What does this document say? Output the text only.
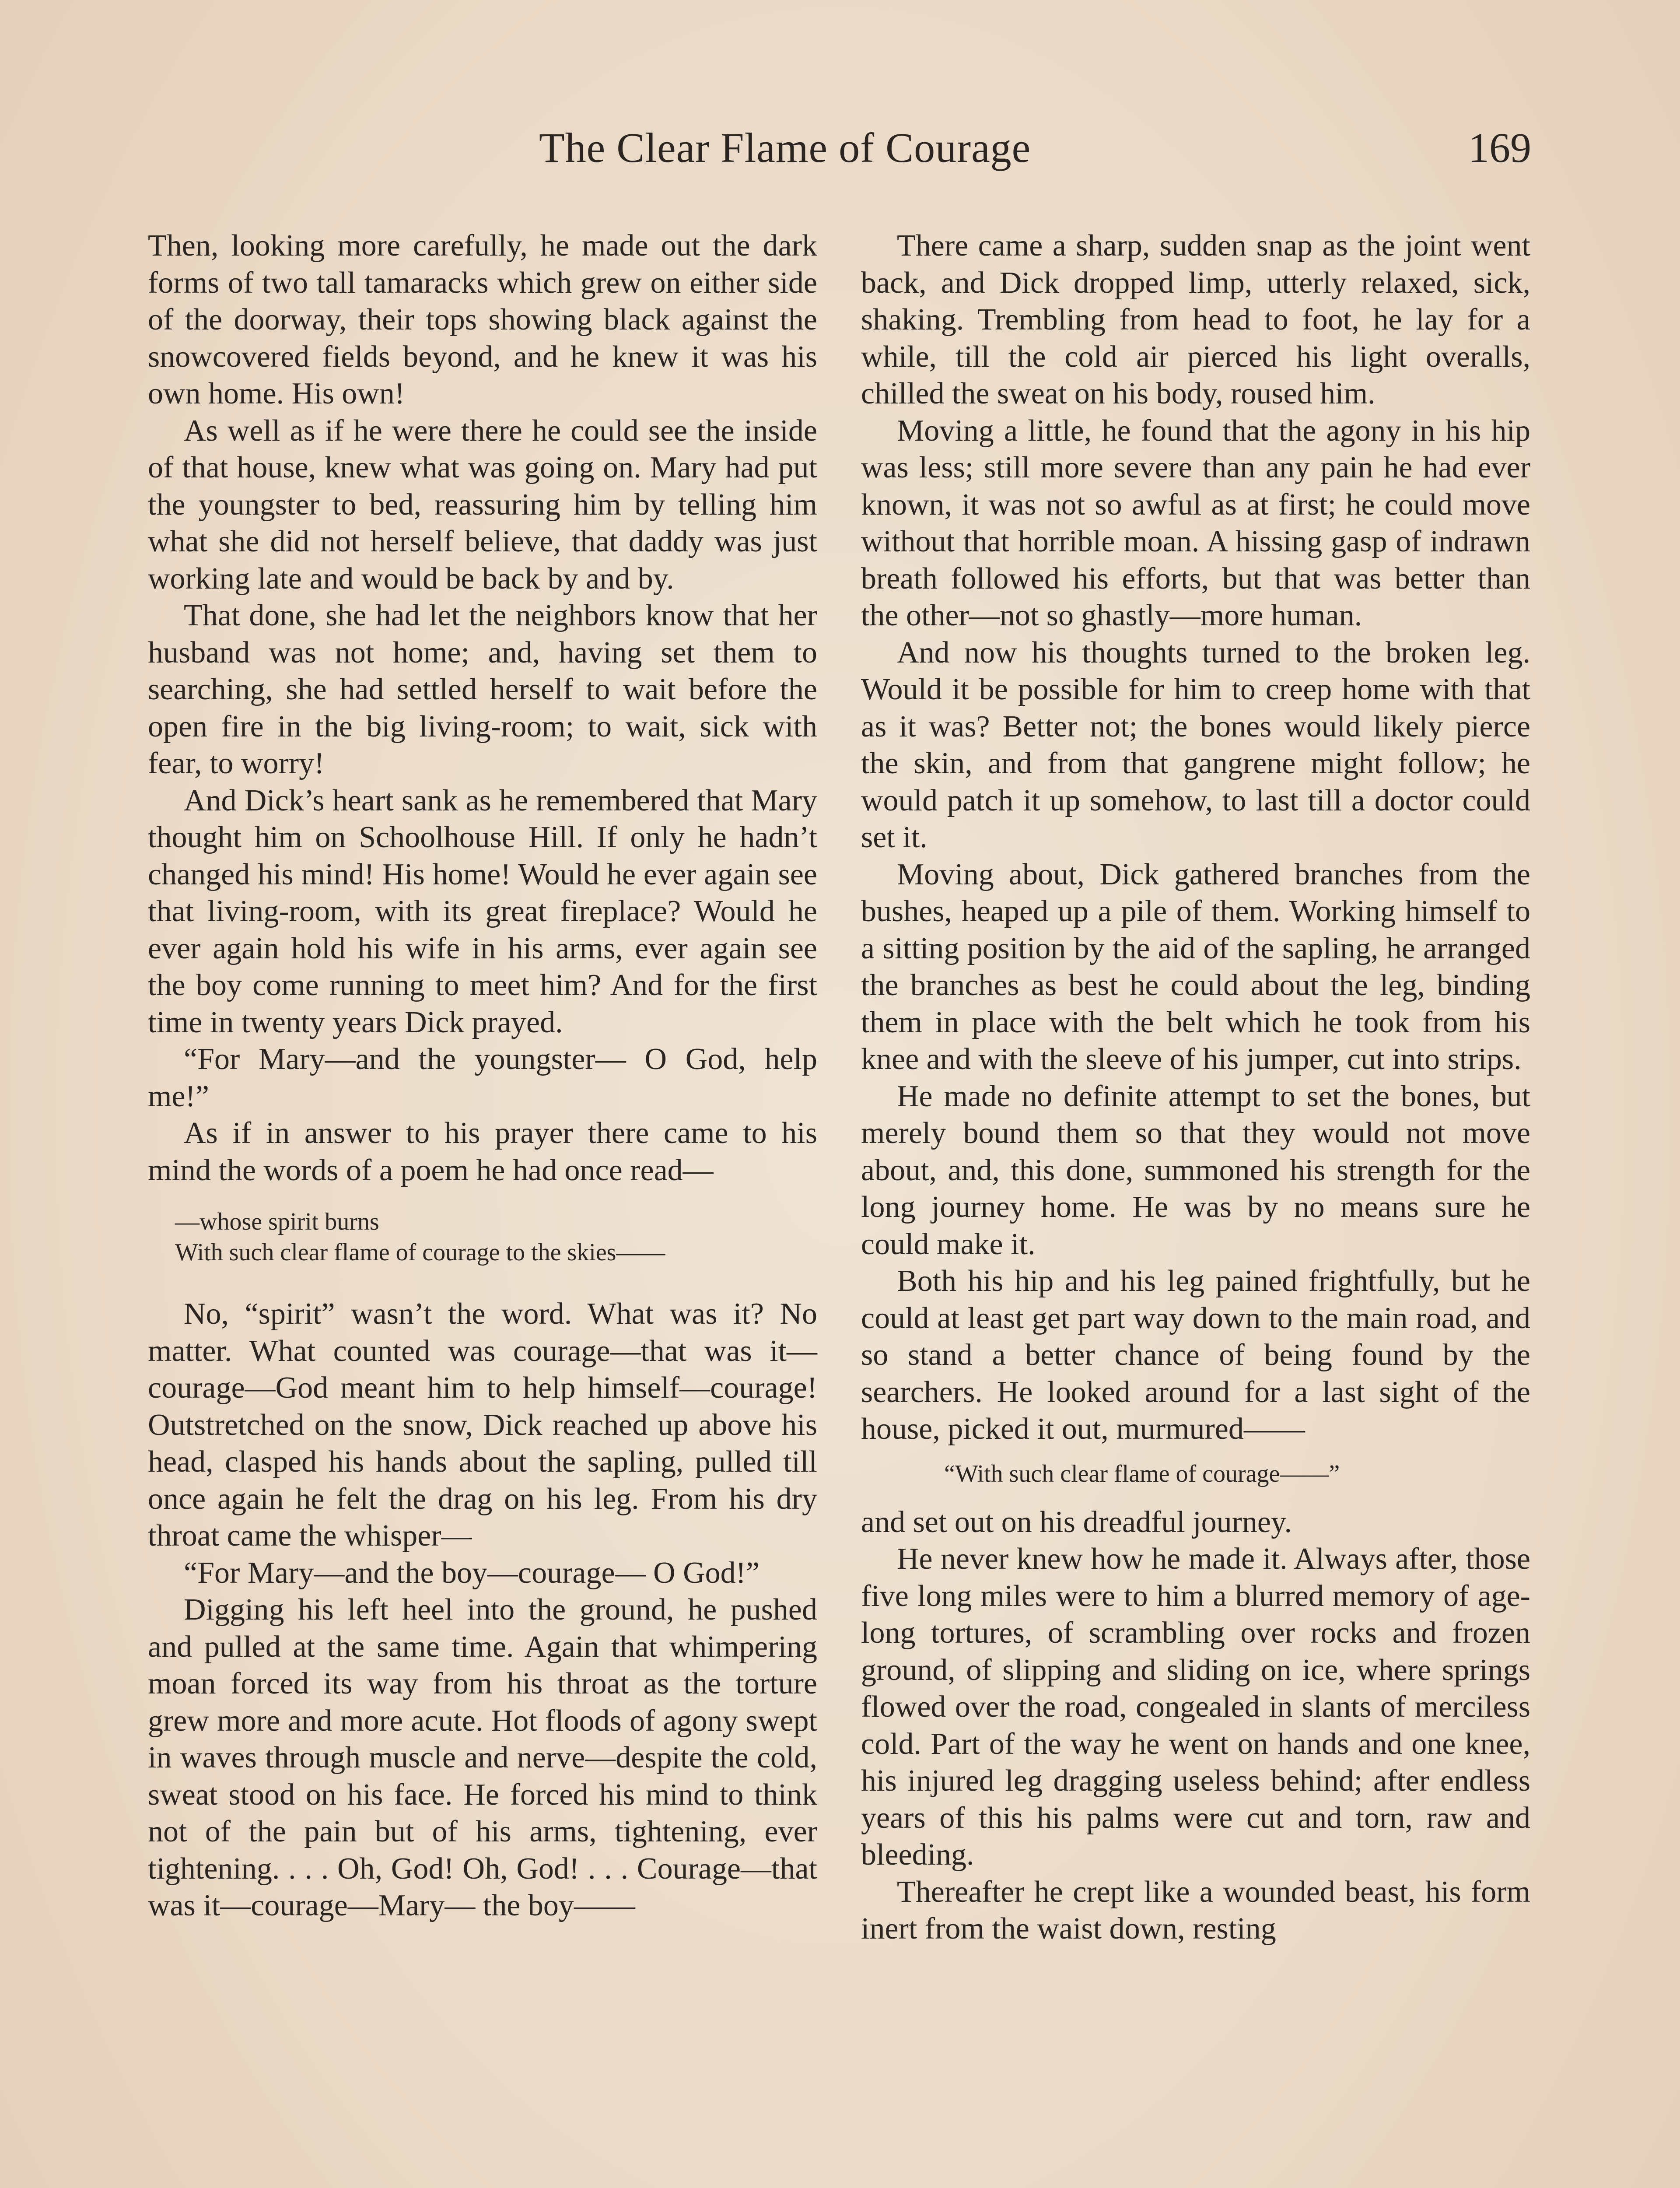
The Clear Flame of Courage	169

Then, looking more carefully, he made out the dark forms of two tall tamaracks which grew on either side of the doorway, their tops showing black against the snowcovered fields beyond, and he knew it was his own home. His own!

As well as if he were there he could see the inside of that house, knew what was going on. Mary had put the youngster to bed, reassuring him by telling him what she did not herself believe, that daddy was just working late and would be back by and by.

That done, she had let the neighbors know that her husband was not home; and, having set them to searching, she had settled herself to wait before the open fire in the big living-room; to wait, sick with fear, to worry!

And Dick’s heart sank as he remembered that Mary thought him on Schoolhouse Hill. If only he hadn’t changed his mind! His home! Would he ever again see that living-room, with its great fireplace? Would he ever again hold his wife in his arms, ever again see the boy come running to meet him? And for the first time in twenty years Dick prayed.

“For Mary—and the youngster— O God, help me!”

As if in answer to his prayer there came to his mind the words of a poem he had once read—

—whose spirit burns
With such clear flame of courage to the skies——

No, “spirit” wasn’t the word. What was it? No matter. What counted was courage—that was it—courage—God meant him to help himself—courage! Outstretched on the snow, Dick reached up above his head, clasped his hands about the sapling, pulled till once again he felt the drag on his leg. From his dry throat came the whisper—

“For Mary—and the boy—courage— O God!”

Digging his left heel into the ground, he pushed and pulled at the same time. Again that whimpering moan forced its way from his throat as the torture grew more and more acute. Hot floods of agony swept in waves through muscle and nerve—despite the cold, sweat stood on his face. He forced his mind to think not of the pain but of his arms, tightening, ever tightening. . . . Oh, God! Oh, God! . . . Courage—that was it—courage—Mary— the boy——

There came a sharp, sudden snap as the joint went back, and Dick dropped limp, utterly relaxed, sick, shaking. Trembling from head to foot, he lay for a while, till the cold air pierced his light overalls, chilled the sweat on his body, roused him.

Moving a little, he found that the agony in his hip was less; still more severe than any pain he had ever known, it was not so awful as at first; he could move without that horrible moan. A hissing gasp of indrawn breath followed his efforts, but that was better than the other—not so ghastly—more human.

And now his thoughts turned to the broken leg. Would it be possible for him to creep home with that as it was? Better not; the bones would likely pierce the skin, and from that gangrene might follow; he would patch it up somehow, to last till a doctor could set it.

Moving about, Dick gathered branches from the bushes, heaped up a pile of them. Working himself to a sitting position by the aid of the sapling, he arranged the branches as best he could about the leg, binding them in place with the belt which he took from his knee and with the sleeve of his jumper, cut into strips.

He made no definite attempt to set the bones, but merely bound them so that they would not move about, and, this done, summoned his strength for the long journey home. He was by no means sure he could make it.

Both his hip and his leg pained frightfully, but he could at least get part way down to the main road, and so stand a better chance of being found by the searchers. He looked around for a last sight of the house, picked it out, murmured——

“With such clear flame of courage——”

and set out on his dreadful journey.

He never knew how he made it. Always after, those five long miles were to him a blurred memory of age-long tortures, of scrambling over rocks and frozen ground, of slipping and sliding on ice, where springs flowed over the road, congealed in slants of merciless cold. Part of the way he went on hands and one knee, his injured leg dragging useless behind; after endless years of this his palms were cut and torn, raw and bleeding.

Thereafter he crept like a wounded beast, his form inert from the waist down, resting
